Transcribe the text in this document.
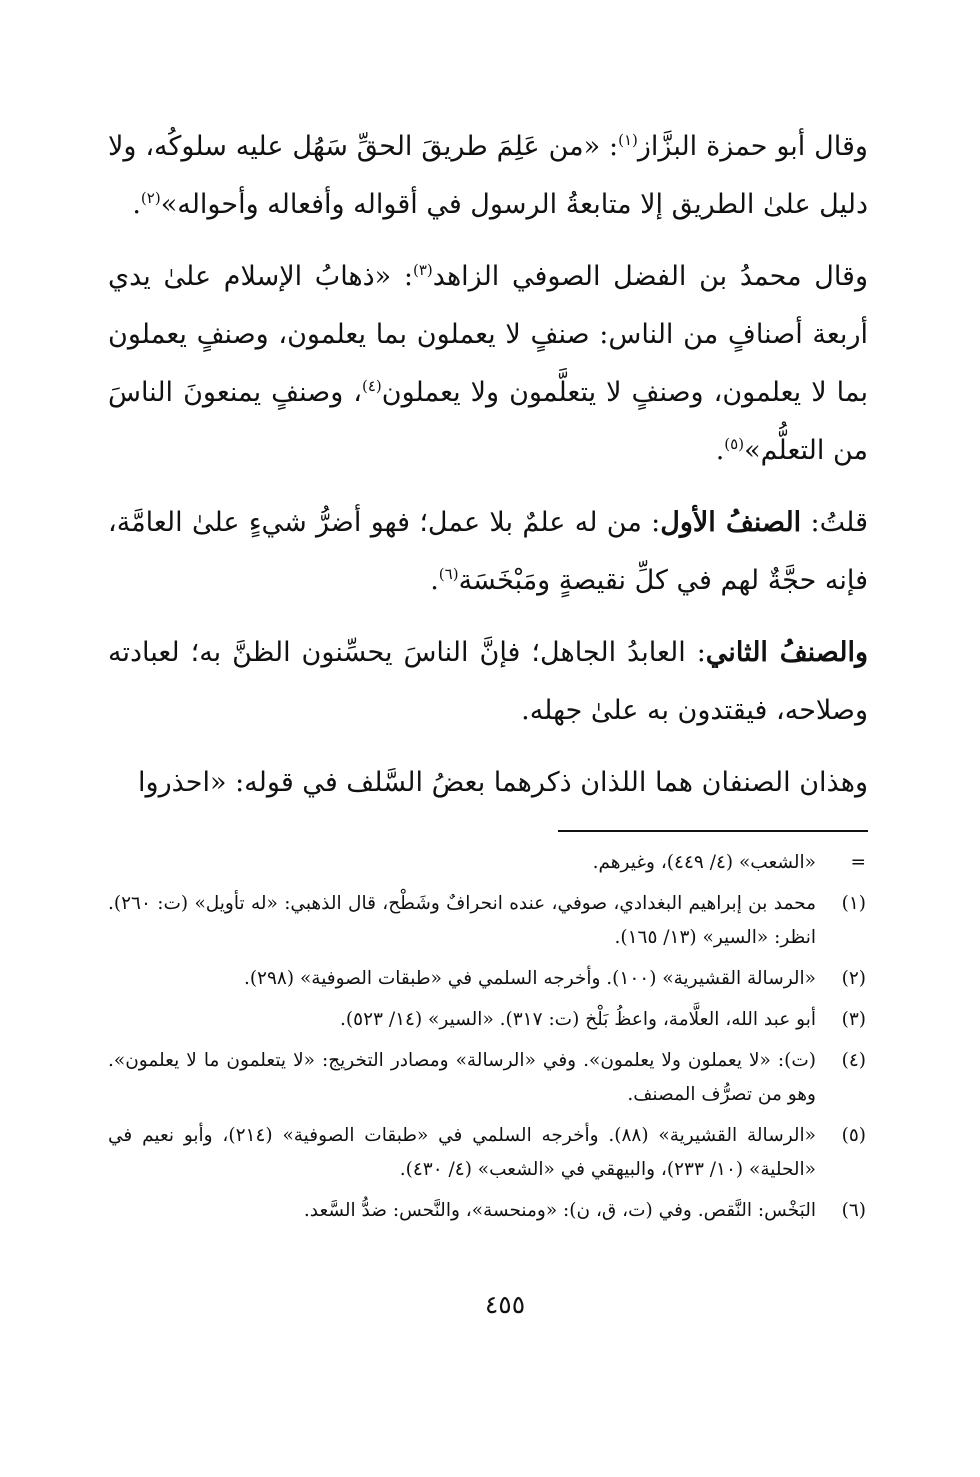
وقال أبو حمزة البزَّاز$^{(١)}$: «من عَلِمَ طريقَ الحقِّ سَهُل عليه سلوكُه، ولا دليل علىٰ الطريق إلا متابعةُ الرسول في أقواله وأفعاله وأحواله»$^{(٢)}$.

وقال محمدُ بن الفضل الصوفي الزاهد$^{(٣)}$: «ذهابُ الإسلام علىٰ يدي أربعة أصنافٍ من الناس: صنفٍ لا يعملون بما يعلمون، وصنفٍ يعملون بما لا يعلمون، وصنفٍ لا يتعلَّمون ولا يعملون$^{(٤)}$، وصنفٍ يمنعونَ الناسَ من التعلُّم»$^{(٥)}$.

قلتُ: الصنفُ الأول: من له علمٌ بلا عمل؛ فهو أضرُّ شيءٍ علىٰ العامَّة، فإنه حجَّةٌ لهم في كلِّ نقيصةٍ ومَبْخَسَة$^{(٦)}$.

والصنفُ الثاني: العابدُ الجاهل؛ فإنَّ الناسَ يحسِّنون الظنَّ به؛ لعبادته وصلاحه، فيقتدون به علىٰ جهله.

وهذان الصنفان هما اللذان ذكرهما بعضُ السَّلف في قوله: «احذروا

=
«الشعب» (٤/ ٤٤٩)، وغيرهم.
(١)
محمد بن إبراهيم البغدادي، صوفي، عنده انحرافٌ وشَطْح، قال الذهبي: «له تأويل» (ت: ٢٦٠). انظر: «السير» (١٣/ ١٦٥).
(٢)
«الرسالة القشيرية» (١٠٠). وأخرجه السلمي في «طبقات الصوفية» (٢٩٨).
(٣)
أبو عبد الله، العلَّامة، واعظُ بَلْخ (ت: ٣١٧). «السير» (١٤/ ٥٢٣).
(٤)
(ت): «لا يعملون ولا يعلمون». وفي «الرسالة» ومصادر التخريج: «لا يتعلمون ما لا يعلمون». وهو من تصرُّف المصنف.
(٥)
«الرسالة القشيرية» (٨٨). وأخرجه السلمي في «طبقات الصوفية» (٢١٤)، وأبو نعيم في «الحلية» (١٠/ ٢٣٣)، والبيهقي في «الشعب» (٤/ ٤٣٠).
(٦)
البَخْس: النَّقص. وفي (ت، ق، ن): «ومنحسة»، والنَّحس: ضدُّ السَّعد.
٤٥٥
